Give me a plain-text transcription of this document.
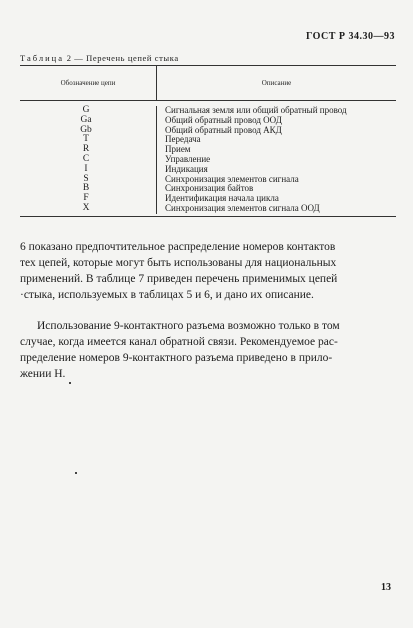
ГОСТ Р 34.30—93
Таблица 2 — Перечень цепей стыка
Обозначение цепи	Описание
G
Ga
Gb
T
R
C
I
S
B
F
X
Сигнальная земля или общий обратный провод
Общий обратный провод ООД
Общий обратный провод АКД
Передача
Прием
Управление
Индикация
Синхронизация элементов сигнала
Синхронизация байтов
Идентификация начала цикла
Синхронизация элементов сигнала ООД
6 показано предпочтительное распределение номеров контактов
тех цепей, которые могут быть использованы для национальных
применений. В таблице 7 приведен перечень применимых цепей
·стыка, используемых в таблицах 5 и 6, и дано их описание.
Использование 9-контактного разъема возможно только в том
случае, когда имеется канал обратной связи. Рекомендуемое рас-
пределение номеров 9-контактного разъема приведено в прило-
жении Н.
13
